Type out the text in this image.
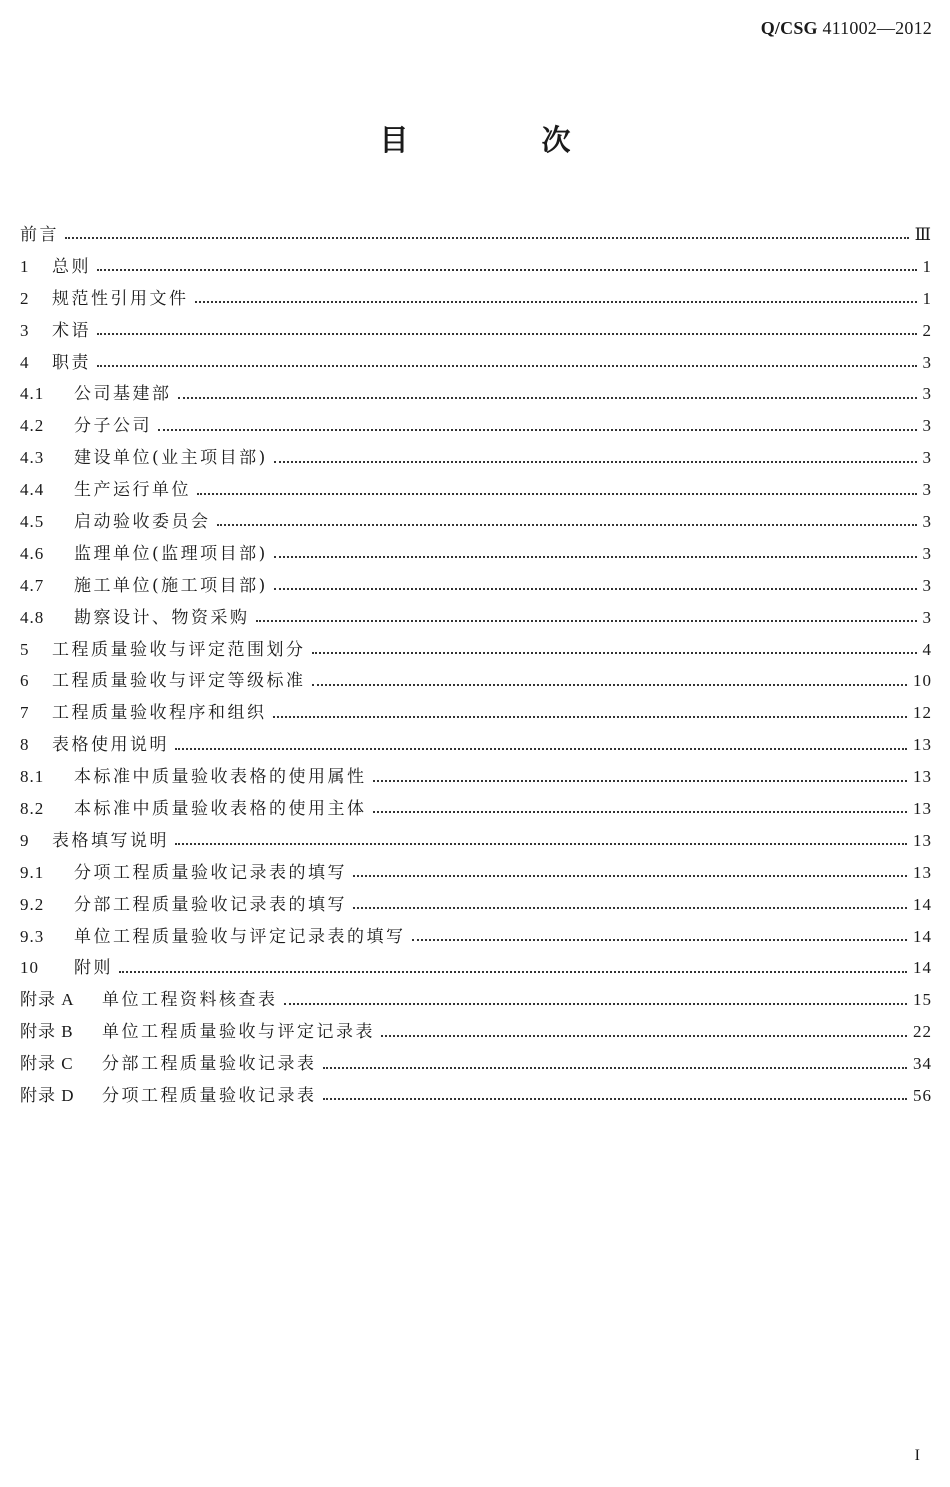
Q/CSG 411002—2012
目　次
前言	Ⅲ
1	总则	1
2	规范性引用文件	1
3	术语	2
4	职责	3
4.1	公司基建部	3
4.2	分子公司	3
4.3	建设单位(业主项目部)	3
4.4	生产运行单位	3
4.5	启动验收委员会	3
4.6	监理单位(监理项目部)	3
4.7	施工单位(施工项目部)	3
4.8	勘察设计、物资采购	3
5	工程质量验收与评定范围划分	4
6	工程质量验收与评定等级标准	10
7	工程质量验收程序和组织	12
8	表格使用说明	13
8.1	本标准中质量验收表格的使用属性	13
8.2	本标准中质量验收表格的使用主体	13
9	表格填写说明	13
9.1	分项工程质量验收记录表的填写	13
9.2	分部工程质量验收记录表的填写	14
9.3	单位工程质量验收与评定记录表的填写	14
10	附则	14
附录 A	单位工程资料核查表	15
附录 B	单位工程质量验收与评定记录表	22
附录 C	分部工程质量验收记录表	34
附录 D	分项工程质量验收记录表	56
I
